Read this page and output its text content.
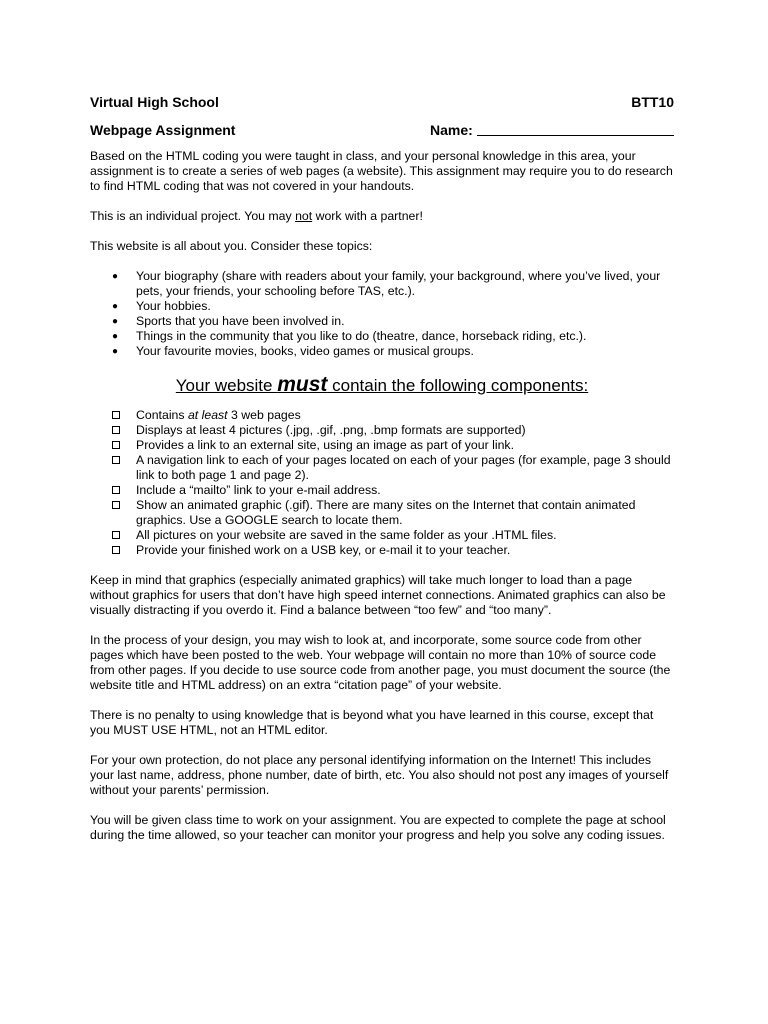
Virtual High School	BTT10
Webpage Assignment	Name:

Based on the HTML coding you were taught in class, and your personal knowledge in this area, your assignment is to create a series of web pages (a website). This assignment may require you to do research to find HTML coding that was not covered in your handouts.

This is an individual project. You may not work with a partner!

This website is all about you. Consider these topics:

● Your biography (share with readers about your family, your background, where you’ve lived, your pets, your friends, your schooling before TAS, etc.).
● Your hobbies.
● Sports that you have been involved in.
● Things in the community that you like to do (theatre, dance, horseback riding, etc.).
● Your favourite movies, books, video games or musical groups.
Your website must contain the following components:
Contains at least 3 web pages
Displays at least 4 pictures (.jpg, .gif, .png, .bmp formats are supported)
Provides a link to an external site, using an image as part of your link.
A navigation link to each of your pages located on each of your pages (for example, page 3 should link to both page 1 and page 2).
Include a “mailto” link to your e-mail address.
Show an animated graphic (.gif). There are many sites on the Internet that contain animated graphics. Use a GOOGLE search to locate them.
All pictures on your website are saved in the same folder as your .HTML files.
Provide your finished work on a USB key, or e-mail it to your teacher.

Keep in mind that graphics (especially animated graphics) will take much longer to load than a page without graphics for users that don’t have high speed internet connections. Animated graphics can also be visually distracting if you overdo it. Find a balance between “too few” and “too many”.

In the process of your design, you may wish to look at, and incorporate, some source code from other pages which have been posted to the web. Your webpage will contain no more than 10% of source code from other pages. If you decide to use source code from another page, you must document the source (the website title and HTML address) on an extra “citation page” of your website.

There is no penalty to using knowledge that is beyond what you have learned in this course, except that you MUST USE HTML, not an HTML editor.

For your own protection, do not place any personal identifying information on the Internet! This includes your last name, address, phone number, date of birth, etc. You also should not post any images of yourself without your parents’ permission.

You will be given class time to work on your assignment. You are expected to complete the page at school during the time allowed, so your teacher can monitor your progress and help you solve any coding issues.
